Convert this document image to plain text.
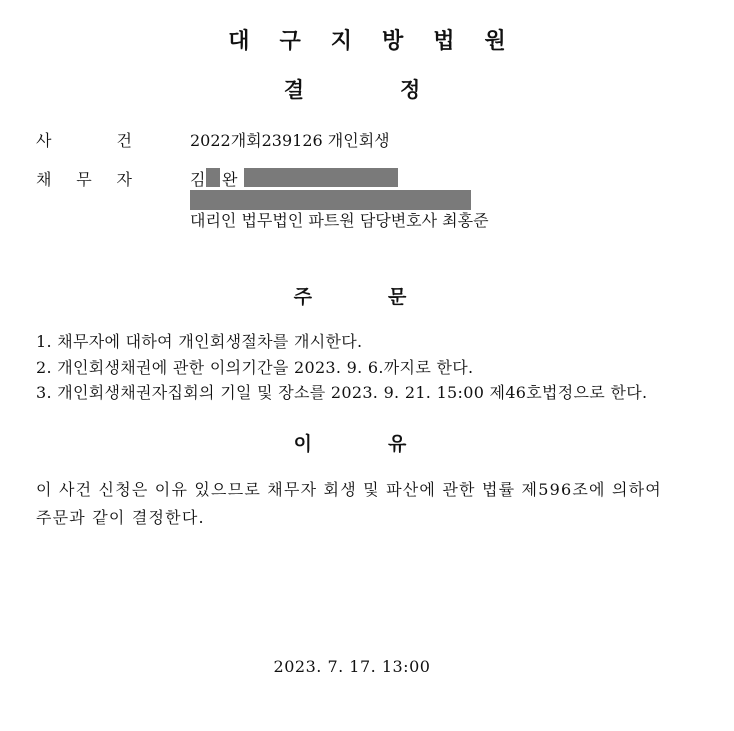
대구지방법원
결정
사	건	2022개회239126 개인회생
채 무 자	김 완
대리인 법무법인 파트원 담당변호사 최홍준
주문
1. 채무자에 대하여 개인회생절차를 개시한다.
2. 개인회생채권에 관한 이의기간을 2023. 9. 6.까지로 한다.
3. 개인회생채권자집회의 기일 및 장소를 2023. 9. 21. 15:00 제46호법정으로 한다.
이유
이 사건 신청은 이유 있으므로 채무자 회생 및 파산에 관한 법률 제596조에 의하여
주문과 같이 결정한다.
2023. 7. 17. 13:00
